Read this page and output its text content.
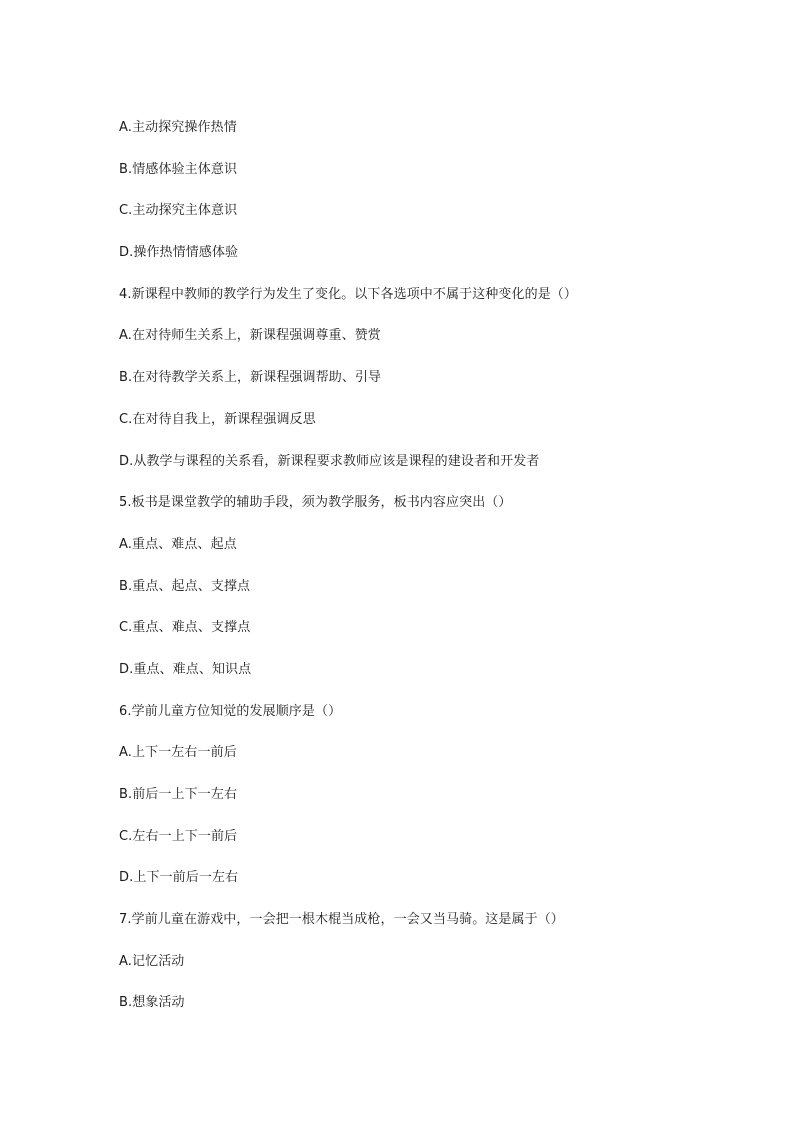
A.主动探究操作热情
B.情感体验主体意识
C.主动探究主体意识
D.操作热情情感体验
4.新课程中教师的教学行为发生了变化。以下各选项中不属于这种变化的是（）
A.在对待师生关系上，新课程强调尊重、赞赏
B.在对待教学关系上，新课程强调帮助、引导
C.在对待自我上，新课程强调反思
D.从教学与课程的关系看，新课程要求教师应该是课程的建设者和开发者
5.板书是课堂教学的辅助手段，须为教学服务，板书内容应突出（）
A.重点、难点、起点
B.重点、起点、支撑点
C.重点、难点、支撑点
D.重点、难点、知识点
6.学前儿童方位知觉的发展顺序是（）
A.上下一左右一前后
B.前后一上下一左右
C.左右一上下一前后
D.上下一前后一左右
7.学前儿童在游戏中，一会把一根木棍当成枪，一会又当马骑。这是属于（）
A.记忆活动
B.想象活动
